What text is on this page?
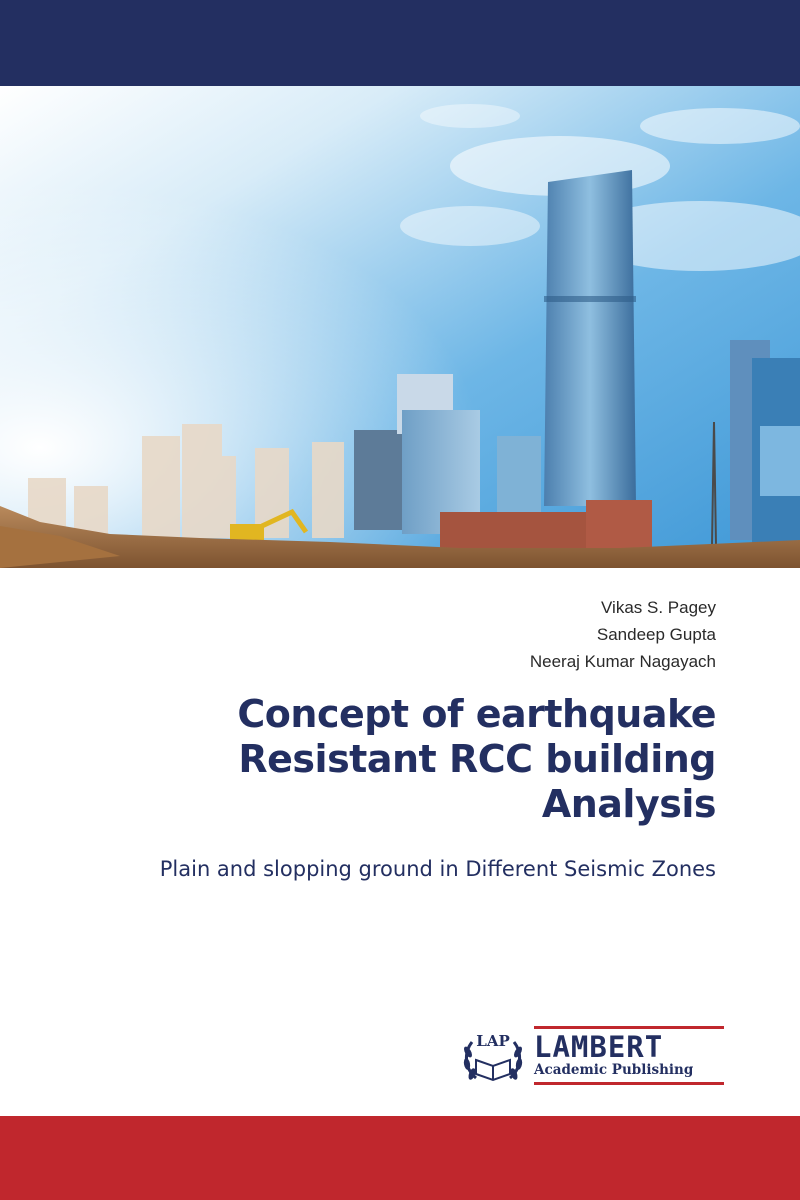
Vikas S. Pagey
Sandeep Gupta
Neeraj Kumar Nagayach
Concept of earthquake
Resistant RCC building
Analysis
Plain and slopping ground in Different Seismic Zones
LAP LAMBERT
Academic Publishing
